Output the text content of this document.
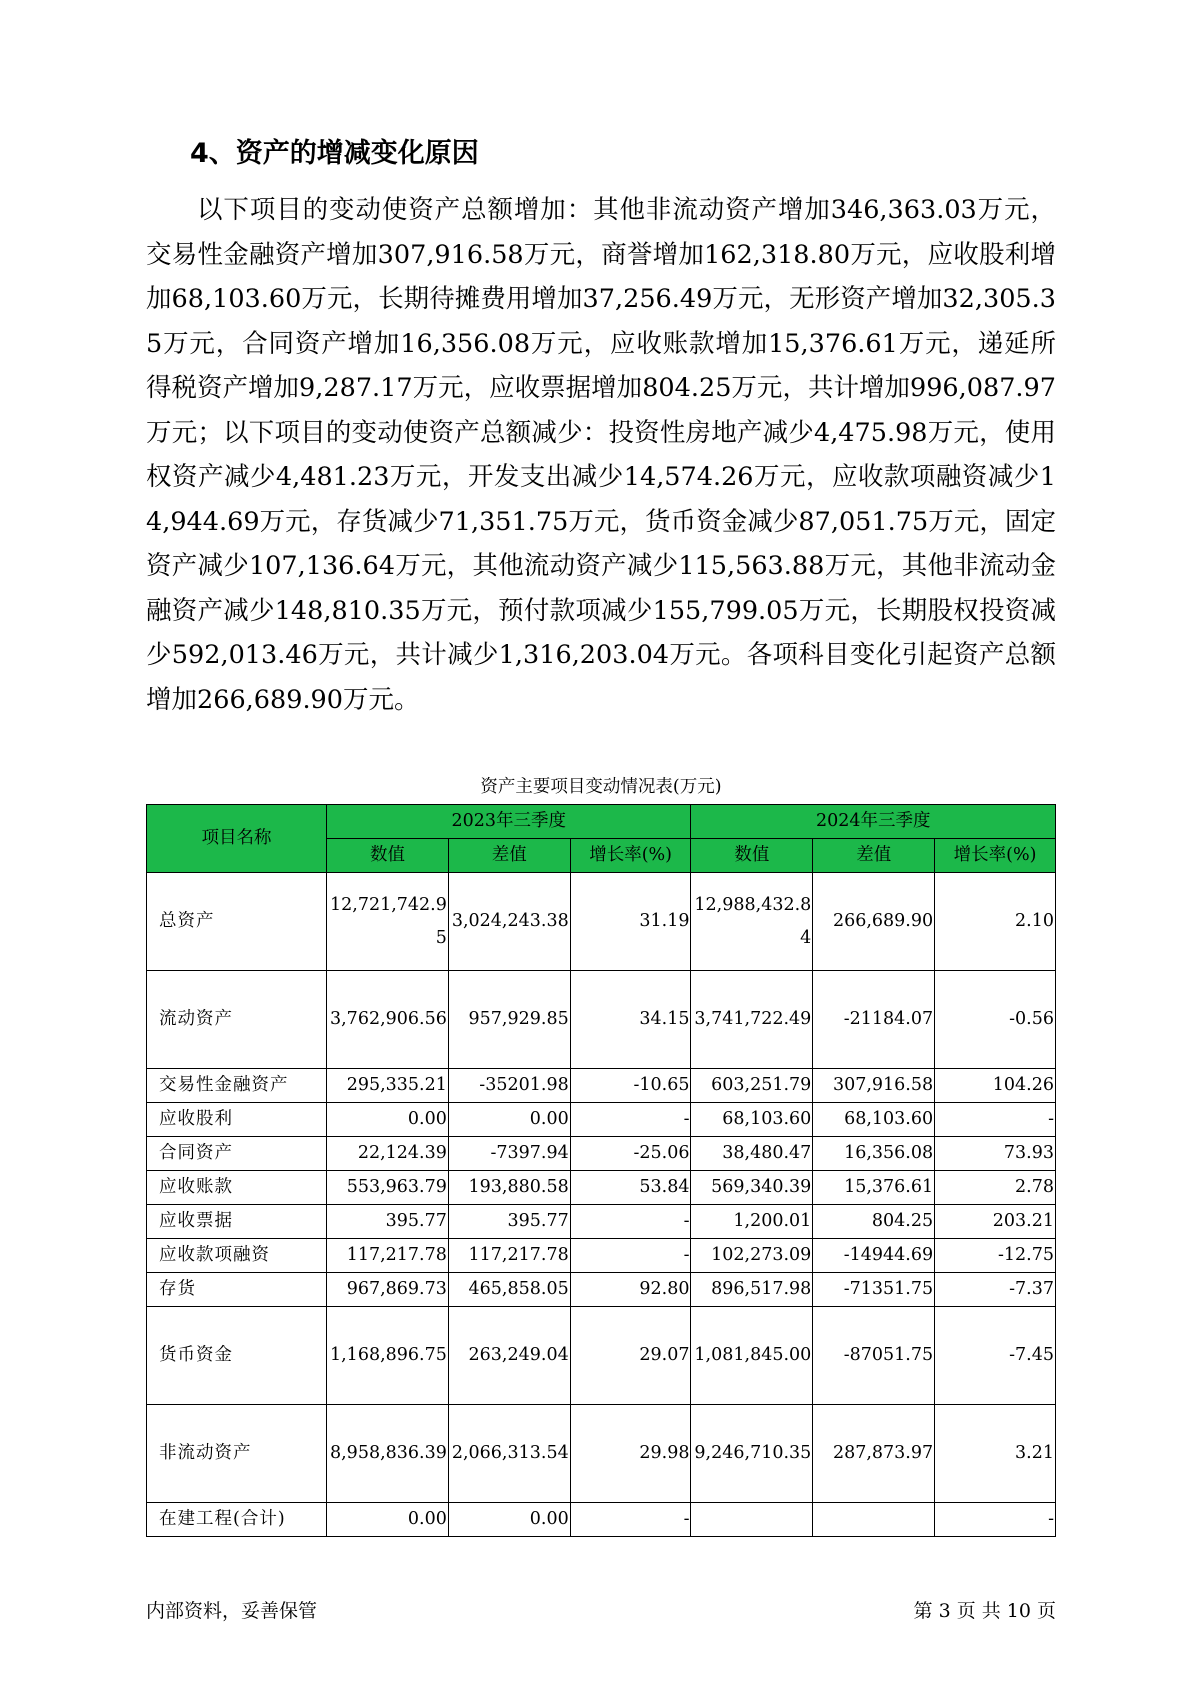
4、资产的增减变化原因

以下项目的变动使资产总额增加：其他非流动资产增加346,363.03万元，交易性金融资产增加307,916.58万元，商誉增加162,318.80万元，应收股利增加68,103.60万元，长期待摊费用增加37,256.49万元，无形资产增加32,305.35万元，合同资产增加16,356.08万元，应收账款增加15,376.61万元，递延所得税资产增加9,287.17万元，应收票据增加804.25万元，共计增加996,087.97万元；以下项目的变动使资产总额减少：投资性房地产减少4,475.98万元，使用权资产减少4,481.23万元，开发支出减少14,574.26万元，应收款项融资减少14,944.69万元，存货减少71,351.75万元，货币资金减少87,051.75万元，固定资产减少107,136.64万元，其他流动资产减少115,563.88万元，其他非流动金融资产减少148,810.35万元，预付款项减少155,799.05万元，长期股权投资减少592,013.46万元，共计减少1,316,203.04万元。各项科目变化引起资产总额增加266,689.90万元。

资产主要项目变动情况表(万元)
项目名称	2023年三季度			2024年三季度		
	数值	差值	增长率(%)	数值	差值	增长率(%)
总资产	12,721,742.95	3,024,243.38	31.19	12,988,432.84	266,689.90	2.10
流动资产	3,762,906.56	957,929.85	34.15	3,741,722.49	-21184.07	-0.56
交易性金融资产	295,335.21	-35201.98	-10.65	603,251.79	307,916.58	104.26
应收股利	0.00	0.00	-	68,103.60	68,103.60	-
合同资产	22,124.39	-7397.94	-25.06	38,480.47	16,356.08	73.93
应收账款	553,963.79	193,880.58	53.84	569,340.39	15,376.61	2.78
应收票据	395.77	395.77	-	1,200.01	804.25	203.21
应收款项融资	117,217.78	117,217.78	-	102,273.09	-14944.69	-12.75
存货	967,869.73	465,858.05	92.80	896,517.98	-71351.75	-7.37
货币资金	1,168,896.75	263,249.04	29.07	1,081,845.00	-87051.75	-7.45
非流动资产	8,958,836.39	2,066,313.54	29.98	9,246,710.35	287,873.97	3.21
在建工程(合计)	0.00	0.00	-			-
内部资料，妥善保管	第 3 页 共 10 页
